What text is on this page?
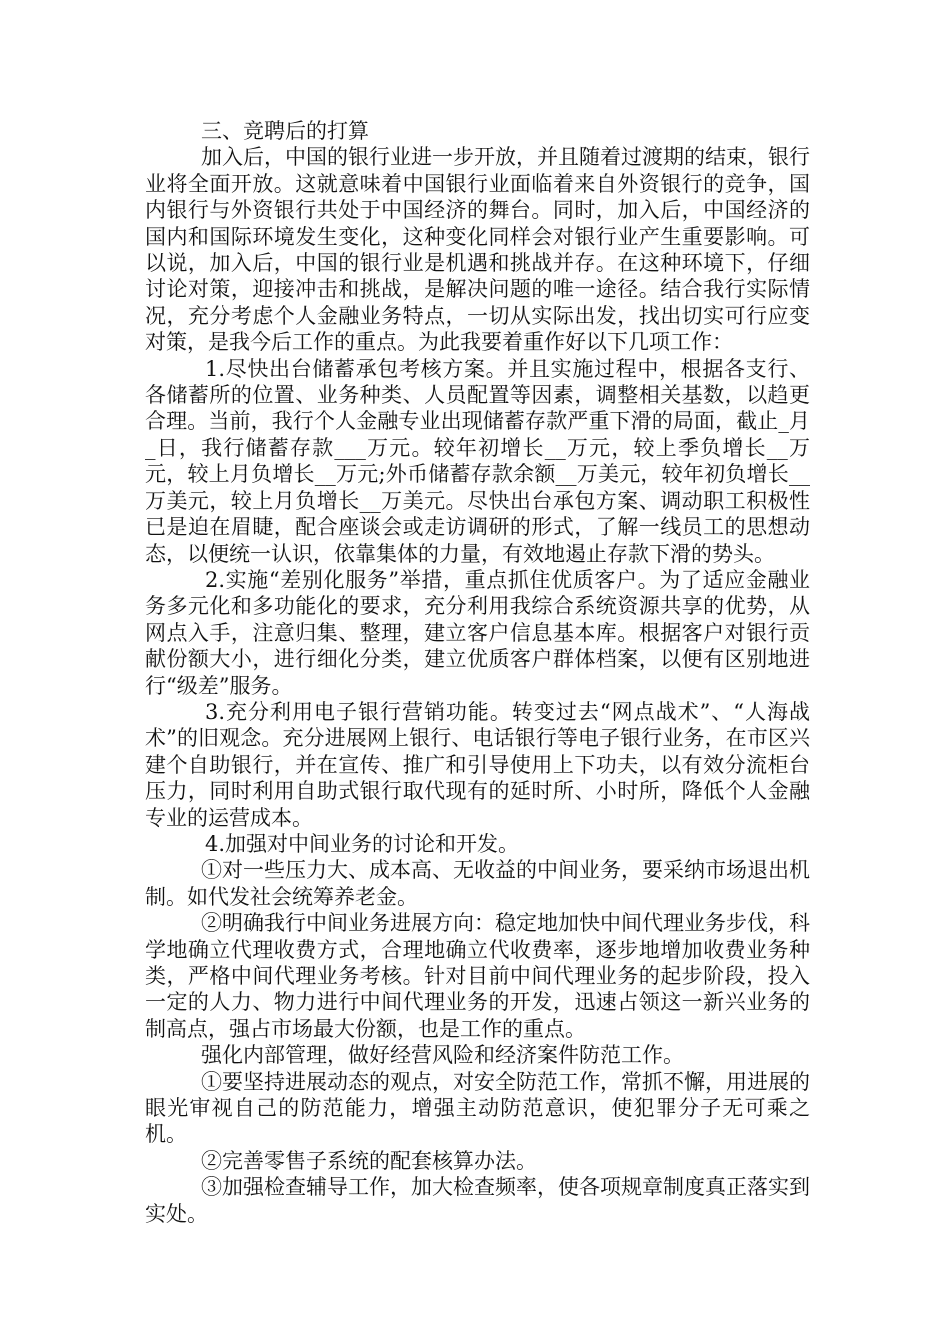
三、竞聘后的打算

加入后，中国的银行业进一步开放，并且随着过渡期的结束，银行业将全面开放。这就意味着中国银行业面临着来自外资银行的竞争，国内银行与外资银行共处于中国经济的舞台。同时，加入后，中国经济的国内和国际环境发生变化，这种变化同样会对银行业产生重要影响。可以说，加入后，中国的银行业是机遇和挑战并存。在这种环境下，仔细讨论对策，迎接冲击和挑战，是解决问题的唯一途径。结合我行实际情况，充分考虑个人金融业务特点，一切从实际出发，找出切实可行应变对策，是我今后工作的重点。为此我要着重作好以下几项工作：

1.尽快出台储蓄承包考核方案。并且实施过程中，根据各支行、各储蓄所的位置、业务种类、人员配置等因素，调整相关基数，以趋更合理。当前，我行个人金融专业出现储蓄存款严重下滑的局面，截止_月_日，我行储蓄存款___万元。较年初增长__万元，较上季负增长__万元，较上月负增长__万元;外币储蓄存款余额__万美元，较年初负增长__万美元，较上月负增长__万美元。尽快出台承包方案、调动职工积极性已是迫在眉睫，配合座谈会或走访调研的形式，了解一线员工的思想动态，以便统一认识，依靠集体的力量，有效地遏止存款下滑的势头。

2.实施“差别化服务”举措，重点抓住优质客户。为了适应金融业务多元化和多功能化的要求，充分利用我综合系统资源共享的优势，从网点入手，注意归集、整理，建立客户信息基本库。根据客户对银行贡献份额大小，进行细化分类，建立优质客户群体档案，以便有区别地进行“级差”服务。

3.充分利用电子银行营销功能。转变过去“网点战术”、“人海战术”的旧观念。充分进展网上银行、电话银行等电子银行业务，在市区兴建个自助银行，并在宣传、推广和引导使用上下功夫，以有效分流柜台压力，同时利用自助式银行取代现有的延时所、小时所，降低个人金融专业的运营成本。

4.加强对中间业务的讨论和开发。

①对一些压力大、成本高、无收益的中间业务，要采纳市场退出机制。如代发社会统筹养老金。

②明确我行中间业务进展方向：稳定地加快中间代理业务步伐，科学地确立代理收费方式，合理地确立代收费率，逐步地增加收费业务种类，严格中间代理业务考核。针对目前中间代理业务的起步阶段，投入一定的人力、物力进行中间代理业务的开发，迅速占领这一新兴业务的制高点，强占市场最大份额，也是工作的重点。

强化内部管理，做好经营风险和经济案件防范工作。

①要坚持进展动态的观点，对安全防范工作，常抓不懈，用进展的眼光审视自己的防范能力，增强主动防范意识，使犯罪分子无可乘之机。

②完善零售子系统的配套核算办法。

③加强检查辅导工作，加大检查频率，使各项规章制度真正落实到实处。
